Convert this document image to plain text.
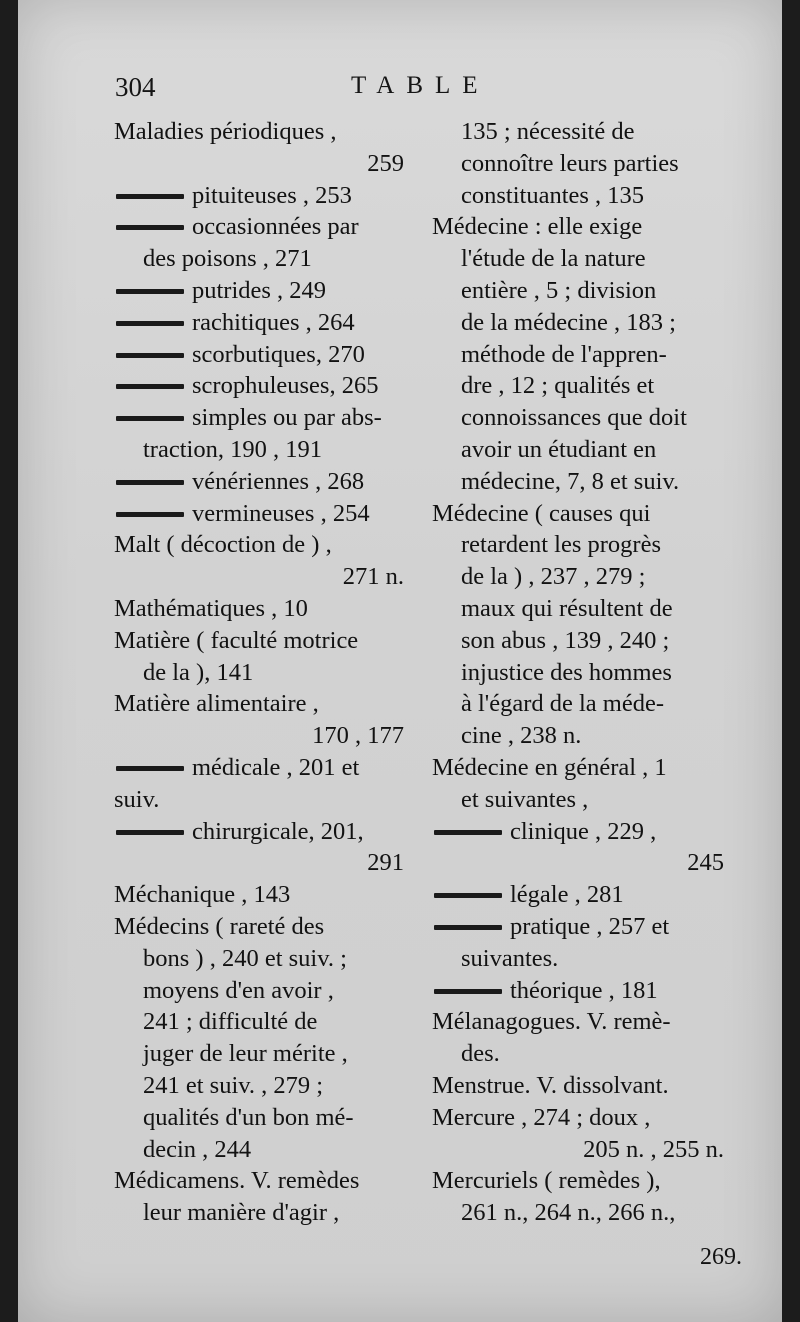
304	TABLE
Maladies périodiques ,
259
pituiteuses , 253
occasionnées par
des poisons , 271
putrides , 249
rachitiques , 264
scorbutiques, 270
scrophuleuses, 265
simples ou par abs-
traction, 190 , 191
vénériennes , 268
vermineuses , 254
Malt ( décoction de ) ,
271 n.
Mathématiques , 10
Matière ( faculté motrice
de la ), 141
Matière alimentaire ,
170 , 177
médicale , 201 et
suiv.
chirurgicale, 201,
291
Méchanique , 143
Médecins ( rareté des
bons ) , 240 et suiv. ;
moyens d'en avoir ,
241 ; difficulté de
juger de leur mérite ,
241 et suiv. , 279 ;
qualités d'un bon mé-
decin , 244
Médicamens. V. remèdes
leur manière d'agir ,
135 ; nécessité de
connoître leurs parties
constituantes , 135
Médecine : elle exige
l'étude de la nature
entière , 5 ; division
de la médecine , 183 ;
méthode de l'appren-
dre , 12 ; qualités et
connoissances que doit
avoir un étudiant en
médecine, 7, 8 et suiv.
Médecine ( causes qui
retardent les progrès
de la ) , 237 , 279 ;
maux qui résultent de
son abus , 139 , 240 ;
injustice des hommes
à l'égard de la méde-
cine , 238 n.
Médecine en général , 1
et suivantes ,
clinique , 229 ,
245
légale , 281
pratique , 257 et
suivantes.
théorique , 181
Mélanagogues. V. remè-
des.
Menstrue. V. dissolvant.
Mercure , 274 ; doux ,
205 n. , 255 n.
Mercuriels ( remèdes ),
261 n., 264 n., 266 n.,
269.
